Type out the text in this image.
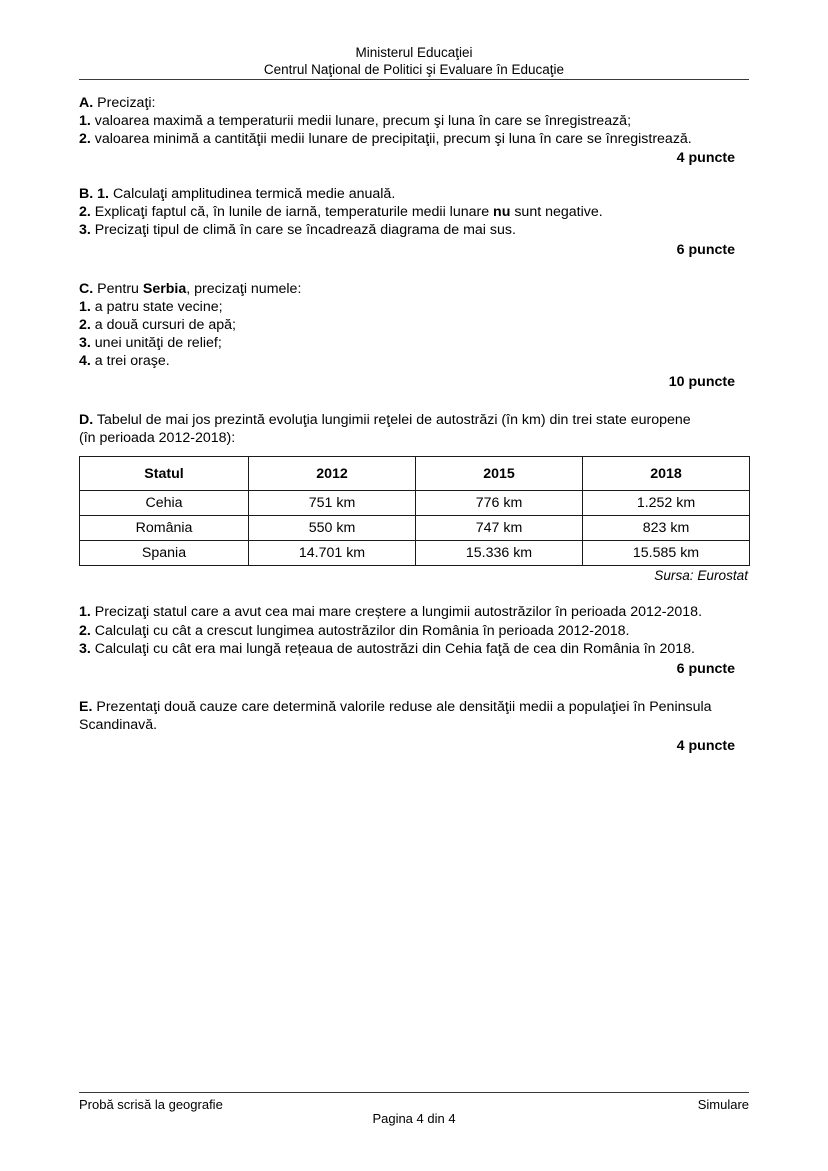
Ministerul Educaţiei
Centrul Naţional de Politici şi Evaluare în Educaţie

A. Precizaţi:

1. valoarea maximă a temperaturii medii lunare, precum şi luna în care se înregistrează;

2. valoarea minimă a cantităţii medii lunare de precipitaţii, precum şi luna în care se înregistrează.

4 puncte

B. 1. Calculaţi amplitudinea termică medie anuală.

2. Explicaţi faptul că, în lunile de iarnă, temperaturile medii lunare nu sunt negative.

3. Precizaţi tipul de climă în care se încadrează diagrama de mai sus.

6 puncte

C. Pentru Serbia, precizaţi numele:

1. a patru state vecine;

2. a două cursuri de apă;

3. unei unităţi de relief;

4. a trei oraşe.

10 puncte

D. Tabelul de mai jos prezintă evoluţia lungimii reţelei de autostrăzi (în km) din trei state europene

(în perioada 2012-2018):

Statul	2012	2015	2018
Cehia	751 km	776 km	1.252 km
România	550 km	747 km	823 km
Spania	14.701 km	15.336 km	15.585 km
Sursa: Eurostat

1. Precizaţi statul care a avut cea mai mare creștere a lungimii autostrăzilor în perioada 2012-2018.

2. Calculaţi cu cât a crescut lungimea autostrăzilor din România în perioada 2012-2018.

3. Calculaţi cu cât era mai lungă rețeaua de autostrăzi din Cehia faţă de cea din România în 2018.

6 puncte

E. Prezentaţi două cauze care determină valorile reduse ale densităţii medii a populaţiei în Peninsula

Scandinavă.

4 puncte

Probă scrisă la geografie	Simulare
Pagina 4 din 4
